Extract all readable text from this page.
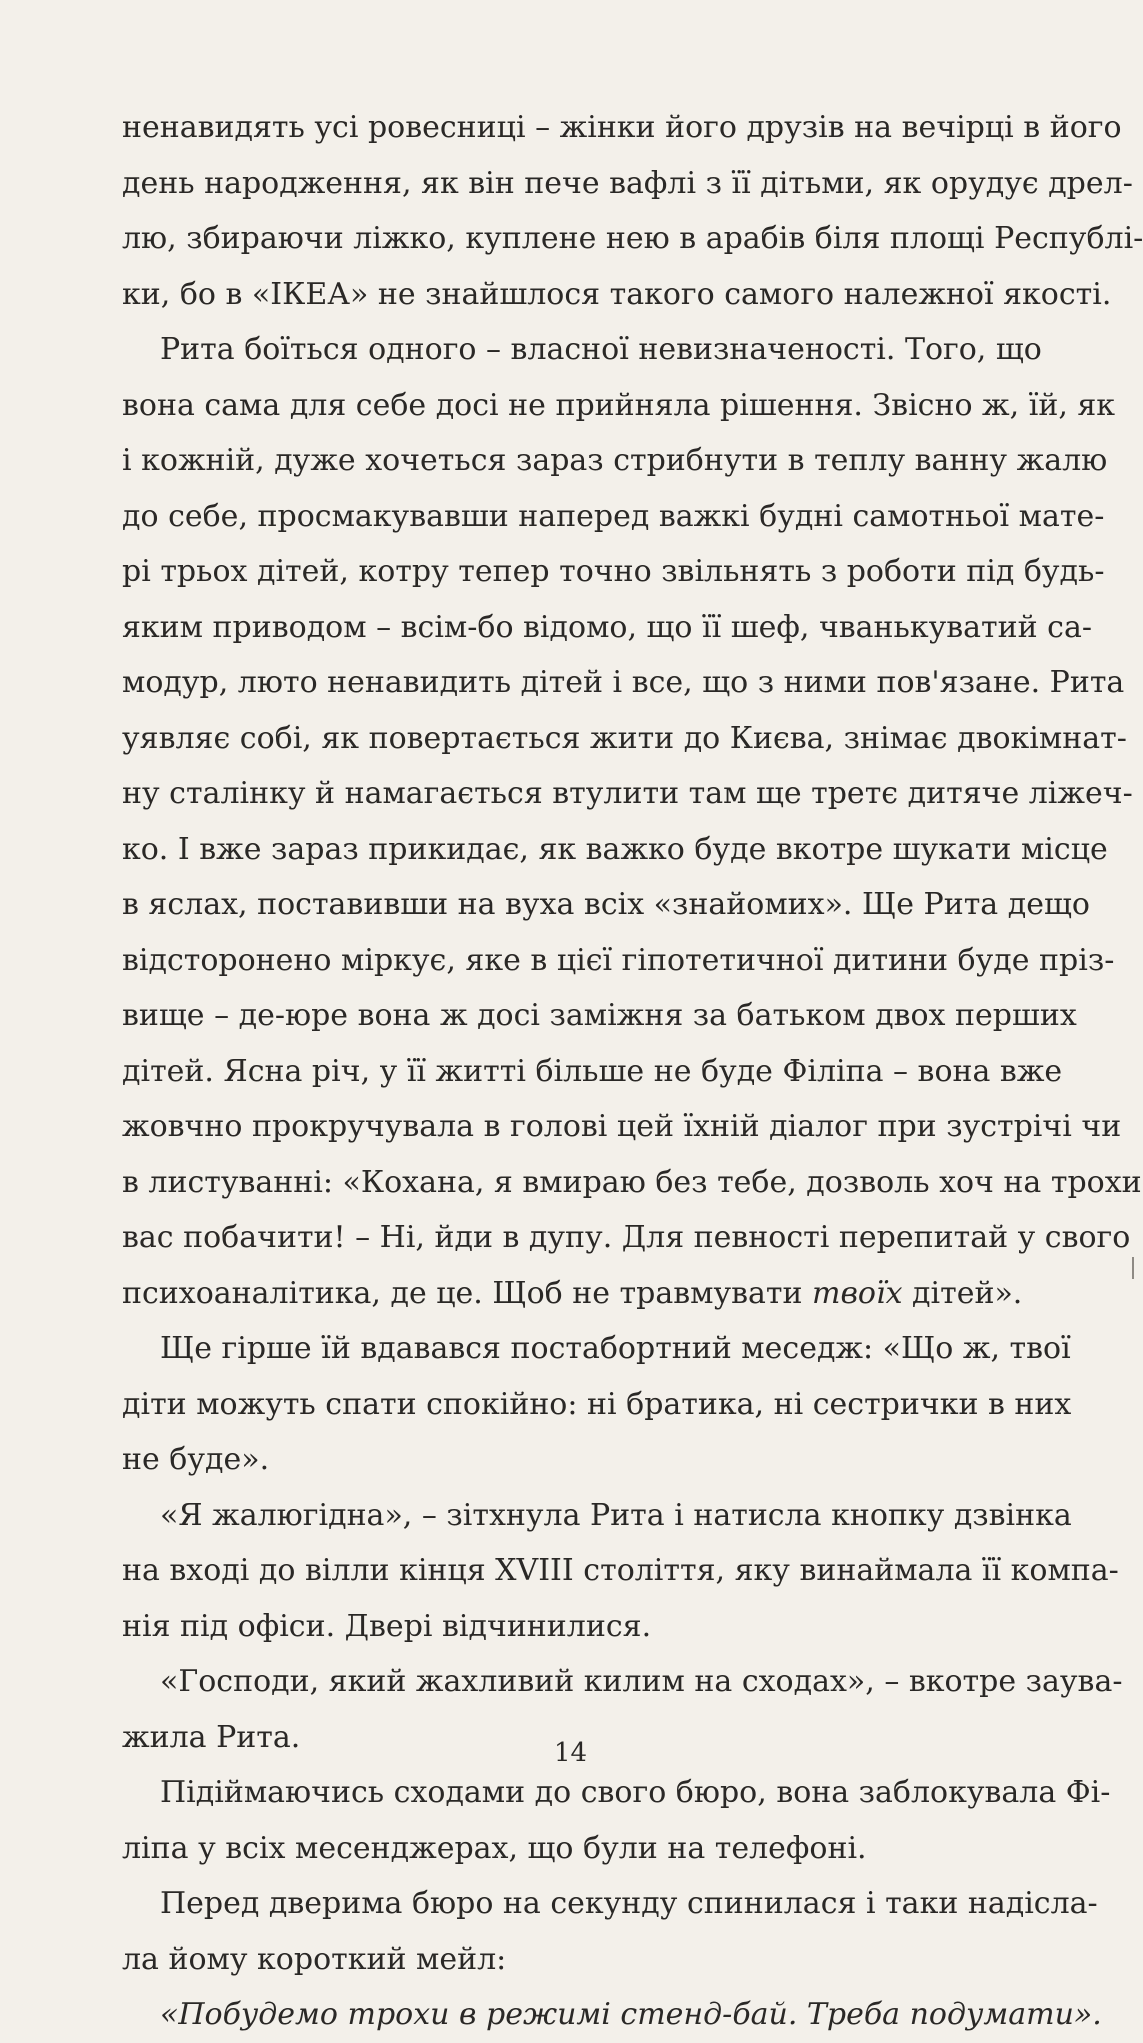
ненавидять усі ровесниці – жінки його друзів на вечірці в його
день народження, як він пече вафлі з її дітьми, як орудує дрел-
лю, збираючи ліжко, куплене нею в арабів біля площі Республі-
ки, бо в «ІКЕА» не знайшлося такого самого належної якості.
Рита боїться одного – власної невизначеності. Того, що
вона сама для себе досі не прийняла рішення. Звісно ж, їй, як
і кожній, дуже хочеться зараз стрибнути в теплу ванну жалю
до себе, просмакувавши наперед важкі будні самотньої мате-
рі трьох дітей, котру тепер точно звільнять з роботи під будь-
яким приводом – всім-бо відомо, що її шеф, чванькуватий са-
модур, люто ненавидить дітей і все, що з ними пов'язане. Рита
уявляє собі, як повертається жити до Києва, знімає двокімнат-
ну сталінку й намагається втулити там ще третє дитяче ліжеч-
ко. І вже зараз прикидає, як важко буде вкотре шукати місце
в яслах, поставивши на вуха всіх «знайомих». Ще Рита дещо
відсторонено міркує, яке в цієї гіпотетичної дитини буде пріз-
вище – де-юре вона ж досі заміжня за батьком двох перших
дітей. Ясна річ, у її житті більше не буде Філіпа – вона вже
жовчно прокручувала в голові цей їхній діалог при зустрічі чи
в листуванні: «Кохана, я вмираю без тебе, дозволь хоч на трохи
вас побачити! – Ні, йди в дупу. Для певності перепитай у свого
психоаналітика, де це. Щоб не травмувати твоїх дітей».
Ще гірше їй вдавався постабортний меседж: «Що ж, твої
діти можуть спати спокійно: ні братика, ні сестрички в них
не буде».
«Я жалюгідна», – зітхнула Рита і натисла кнопку дзвінка
на вході до вілли кінця XVIII століття, яку винаймала її компа-
нія під офіси. Двері відчинилися.
«Господи, який жахливий килим на сходах», – вкотре заува-
жила Рита.
Підіймаючись сходами до свого бюро, вона заблокувала Фі-
ліпа у всіх месенджерах, що були на телефоні.
Перед дверима бюро на секунду спинилася і таки надісла-
ла йому короткий мейл:
«Побудемо трохи в режимі стенд-бай. Треба подумати».
14
